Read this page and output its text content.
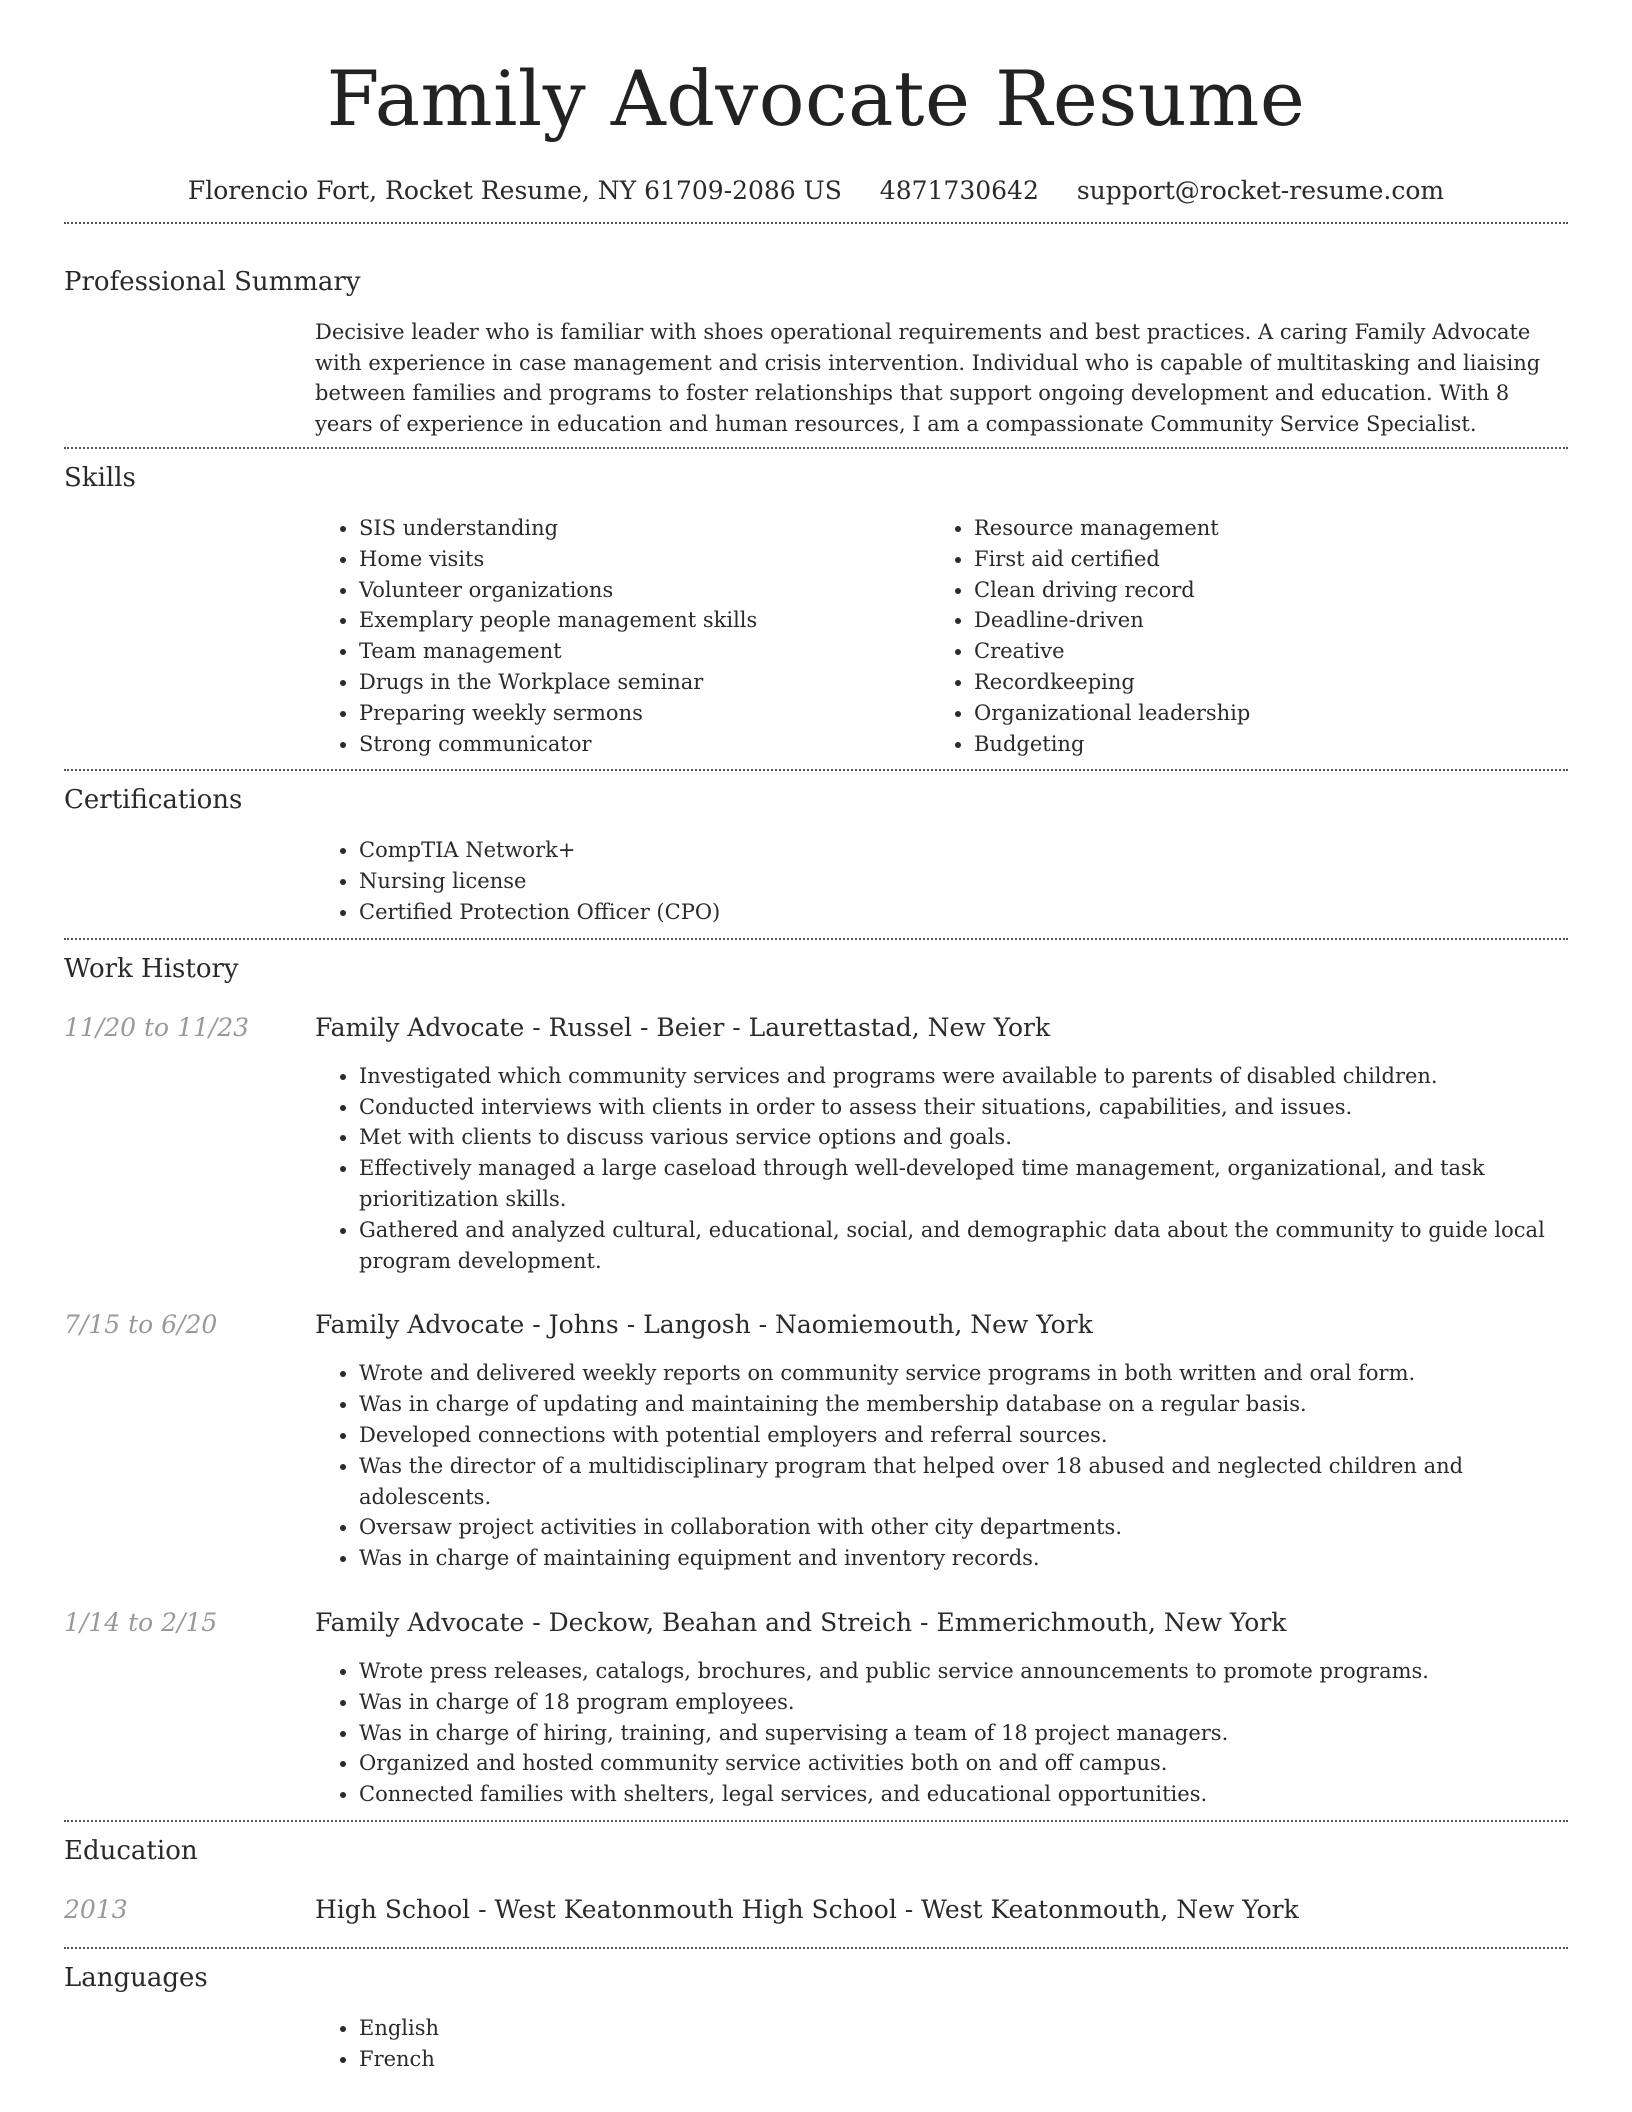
Family Advocate Resume
Florencio Fort, Rocket Resume, NY 61709-2086 US 4871730642 support@rocket-resume.com
Professional Summary

Decisive leader who is familiar with shoes operational requirements and best practices. A caring Family Advocate with experience in case management and crisis intervention. Individual who is capable of multitasking and liaising between families and programs to foster relationships that support ongoing development and education. With 8 years of experience in education and human resources, I am a compassionate Community Service Specialist.

Skills
• SIS understanding
• Home visits
• Volunteer organizations
• Exemplary people management skills
• Team management
• Drugs in the Workplace seminar
• Preparing weekly sermons
• Strong communicator
• Resource management
• First aid certified
• Clean driving record
• Deadline-driven
• Creative
• Recordkeeping
• Organizational leadership
• Budgeting
Certifications
• CompTIA Network+
• Nursing license
• Certified Protection Officer (CPO)
Work History
11/20 to 11/23	Family Advocate - Russel - Beier - Laurettastad, New York
• Investigated which community services and programs were available to parents of disabled children.
• Conducted interviews with clients in order to assess their situations, capabilities, and issues.
• Met with clients to discuss various service options and goals.
• Effectively managed a large caseload through well-developed time management, organizational, and task prioritization skills.
• Gathered and analyzed cultural, educational, social, and demographic data about the community to guide local program development.
7/15 to 6/20	Family Advocate - Johns - Langosh - Naomiemouth, New York
• Wrote and delivered weekly reports on community service programs in both written and oral form.
• Was in charge of updating and maintaining the membership database on a regular basis.
• Developed connections with potential employers and referral sources.
• Was the director of a multidisciplinary program that helped over 18 abused and neglected children and adolescents.
• Oversaw project activities in collaboration with other city departments.
• Was in charge of maintaining equipment and inventory records.
1/14 to 2/15	Family Advocate - Deckow, Beahan and Streich - Emmerichmouth, New York
• Wrote press releases, catalogs, brochures, and public service announcements to promote programs.
• Was in charge of 18 program employees.
• Was in charge of hiring, training, and supervising a team of 18 project managers.
• Organized and hosted community service activities both on and off campus.
• Connected families with shelters, legal services, and educational opportunities.
Education
2013	High School - West Keatonmouth High School - West Keatonmouth, New York
Languages
• English
• French
